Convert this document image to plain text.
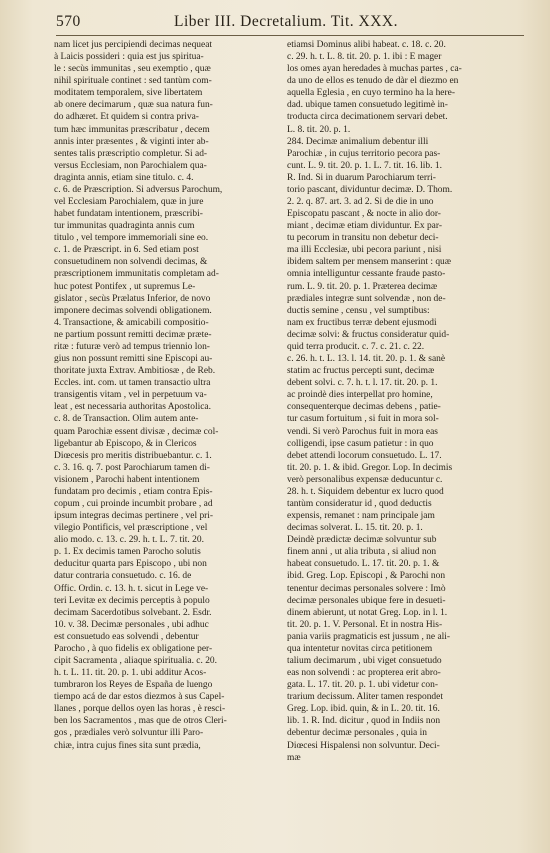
570	Liber III. Decretalium. Tit. XXX.
nam licet jus percipiendi decimas nequeat
à Laicis possideri : quia est jus spiritua-
le : secùs immunitas , seu exemptio , quæ
nihil spirituale continet : sed tantùm com-
moditatem temporalem, sive libertatem
ab onere decimarum , quæ sua natura fun-
do adhæret. Et quidem si contra priva-
tum hæc immunitas præscribatur , decem
annis inter præsentes , & viginti inter ab-
sentes talis præscriptio completur. Si ad-
versus Ecclesiam, non Parochialem qua-
draginta annis, etiam sine titulo. c. 4.
c. 6. de Præscription. Si adversus Parochum,
vel Ecclesiam Parochialem, quæ in jure
habet fundatam intentionem, præscribi-
tur immunitas quadraginta annis cum
titulo , vel tempore immemoriali sine eo.
c. 1. de Præscript. in 6. Sed etiam post
consuetudinem non solvendi decimas, &
præscriptionem immunitatis completam ad-
huc potest Pontifex , ut supremus Le-
gislator , secùs Prælatus Inferior, de novo
imponere decimas solvendi obligationem.
4. Transactione, & amicabili compositio-
ne partium possunt remitti decimæ præte-
ritæ : futuræ verò ad tempus triennio lon-
gius non possunt remitti sine Episcopi au-
thoritate juxta Extrav. Ambitiosæ , de Reb.
Eccles. int. com. ut tamen transactio ultra
transigentis vitam , vel in perpetuum va-
leat , est necessaria authoritas Apostolica.
c. 8. de Transaction. Olim autem ante-
quam Parochiæ essent divisæ , decimæ col-
ligebantur ab Episcopo, & in Clericos
Diœcesis pro meritis distribuebantur. c. 1.
c. 3. 16. q. 7. post Parochiarum tamen di-
visionem , Parochi habent intentionem
fundatam pro decimis , etiam contra Epis-
copum , cui proinde incumbit probare , ad
ipsum integras decimas pertinere , vel pri-
vilegio Pontificis, vel præscriptione , vel
alio modo. c. 13. c. 29. h. t. L. 7. tit. 20.
p. 1. Ex decimis tamen Parocho solutis
deducitur quarta pars Episcopo , ubi non
datur contraria consuetudo. c. 16. de
Offic. Ordin. c. 13. h. t. sicut in Lege ve-
teri Levitæ ex decimis perceptis à populo
decimam Sacerdotibus solvebant. 2. Esdr.
10. v. 38. Decimæ personales , ubi adhuc
est consuetudo eas solvendi , debentur
Parocho , à quo fidelis ex obligatione per-
cipit Sacramenta , aliaque spiritualia. c. 20.
h. t. L. 11. tit. 20. p. 1. ubi additur Acos-
tumbraron los Reyes de España de luengo
tiempo acá de dar estos diezmos à sus Capel-
llanes , porque dellos oyen las horas , è resci-
ben los Sacramentos , mas que de otros Cleri-
gos , prædiales verò solvuntur illi Paro-
chiæ, intra cujus fines sita sunt prædia,
etiamsi Dominus alibi habeat. c. 18. c. 20.
c. 29. h. t. L. 8. tit. 20. p. 1. ibi : E mager
los omes ayan heredades à muchas partes , ca-
da uno de ellos es tenudo de dàr el diezmo en
aquella Eglesia , en cuyo termino ha la here-
dad. ubique tamen consuetudo legitimè in-
troducta circa decimationem servari debet.
L. 8. tit. 20. p. 1.
284. Decimæ animalium debentur illi
Parochiæ , in cujus territorio pecora pas-
cunt. L. 9. tit. 20. p. 1. L. 7. tit. 16. lib. 1.
R. Ind. Si in duarum Parochiarum terri-
torio pascant, dividuntur decimæ. D. Thom.
2. 2. q. 87. art. 3. ad 2. Si de die in uno
Episcopatu pascant , & nocte in alio dor-
miant , decimæ etiam dividuntur. Ex par-
tu pecorum in transitu non debetur deci-
ma illi Ecclesiæ, ubi pecora pariunt , nisi
ibidem saltem per mensem manserint : quæ
omnia intelliguntur cessante fraude pasto-
rum. L. 9. tit. 20. p. 1. Præterea decimæ
prædiales integræ sunt solvendæ , non de-
ductis semine , censu , vel sumptibus:
nam ex fructibus terræ debent ejusmodi
decimæ solvi: & fructus consideratur quid-
quid terra producit. c. 7. c. 21. c. 22.
c. 26. h. t. L. 13. l. 14. tit. 20. p. 1. & sanè
statim ac fructus percepti sunt, decimæ
debent solvi. c. 7. h. t. l. 17. tit. 20. p. 1.
ac proindè dies interpellat pro homine,
consequenterque decimas debens , patie-
tur casum fortuitum , si fuit in mora sol-
vendi. Si verò Parochus fuit in mora eas
colligendi, ipse casum patietur : in quo
debet attendi locorum consuetudo. L. 17.
tit. 20. p. 1. & ibid. Gregor. Lop. In decimis
verò personalibus expensæ deducuntur c.
28. h. t. Siquidem debentur ex lucro quod
tantùm consideratur id , quod deductis
expensis, remanet : nam principale jam
decimas solverat. L. 15. tit. 20. p. 1.
Deindè prædictæ decimæ solvuntur sub
finem anni , ut alia tributa , si aliud non
habeat consuetudo. L. 17. tit. 20. p. 1. &
ibid. Greg. Lop. Episcopi , & Parochi non
tenentur decimas personales solvere : Imò
decimæ personales ubique fere in desueti-
dinem abierunt, ut notat Greg. Lop. in l. 1.
tit. 20. p. 1. V. Personal. Et in nostra His-
pania variis pragmaticis est jussum , ne ali-
qua intentetur novitas circa petitionem
talium decimarum , ubi viget consuetudo
eas non solvendi : ac propterea erit abro-
gata. L. 17. tit. 20. p. 1. ubi videtur con-
trarium decissum. Aliter tamen respondet
Greg. Lop. ibid. quin, & in L. 20. tit. 16.
lib. 1. R. Ind. dicitur , quod in Indiis non
debentur decimæ personales , quia in
Diœcesi Hispalensi non solvuntur. Deci-
mæ
